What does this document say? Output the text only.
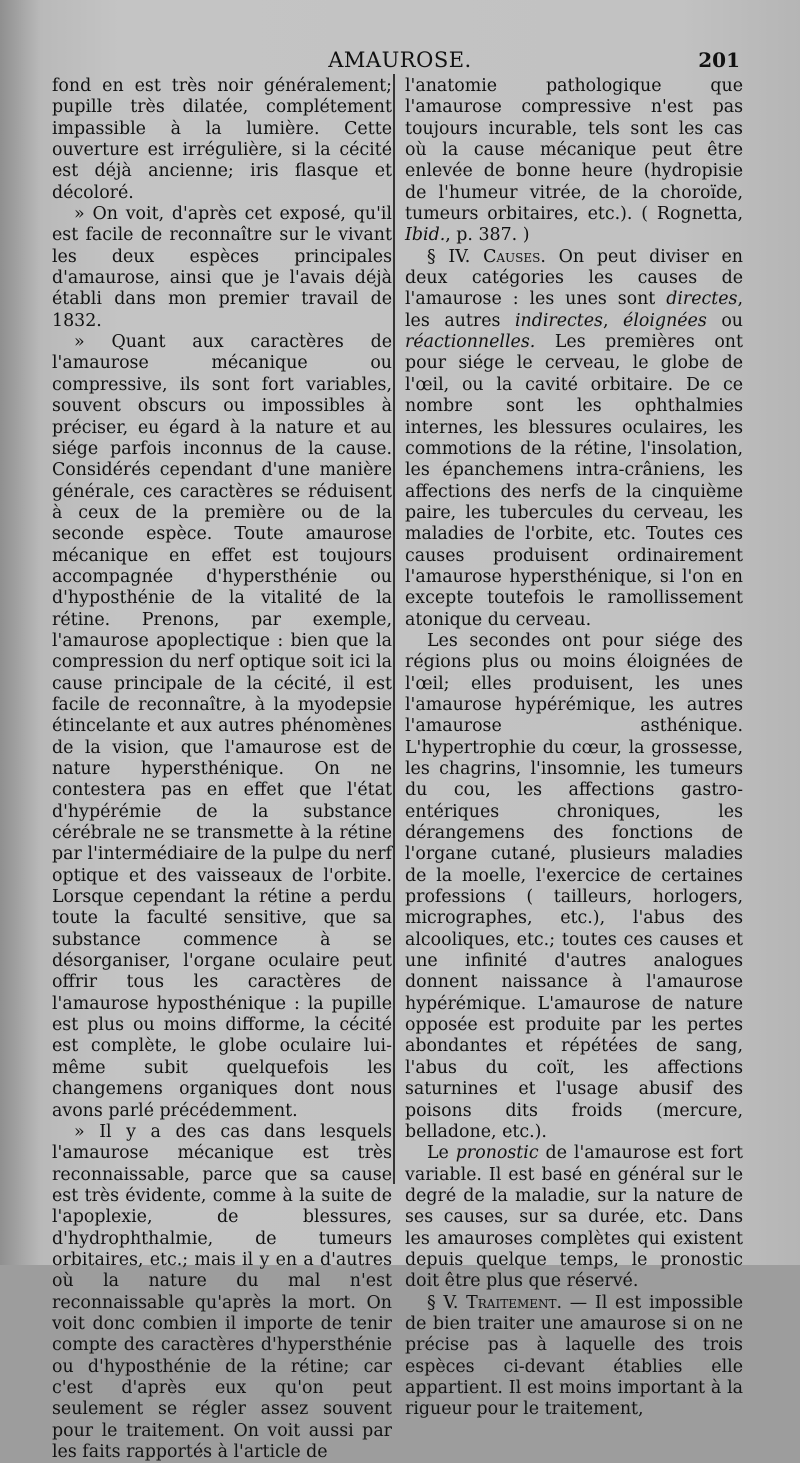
AMAUROSE.	201

fond en est très noir généralement; pupille très dilatée, complétement impassible à la lumière. Cette ouverture est irrégulière, si la cécité est déjà ancienne; iris flasque et décoloré.

» On voit, d'après cet exposé, qu'il est facile de reconnaître sur le vivant les deux espèces principales d'amaurose, ainsi que je l'avais déjà établi dans mon premier travail de 1832.

» Quant aux caractères de l'amaurose mécanique ou compressive, ils sont fort variables, souvent obscurs ou impossibles à préciser, eu égard à la nature et au siége parfois inconnus de la cause. Considérés cependant d'une manière générale, ces caractères se réduisent à ceux de la première ou de la seconde espèce. Toute amaurose mécanique en effet est toujours accompagnée d'hypersthénie ou d'hyposthénie de la vitalité de la rétine. Prenons, par exemple, l'amaurose apoplectique : bien que la compression du nerf optique soit ici la cause principale de la cécité, il est facile de reconnaître, à la myodepsie étincelante et aux autres phénomènes de la vision, que l'amaurose est de nature hypersthénique. On ne contestera pas en effet que l'état d'hypérémie de la substance cérébrale ne se transmette à la rétine par l'intermédiaire de la pulpe du nerf optique et des vaisseaux de l'orbite. Lorsque cependant la rétine a perdu toute la faculté sensitive, que sa substance commence à se désorganiser, l'organe oculaire peut offrir tous les caractères de l'amaurose hyposthénique : la pupille est plus ou moins difforme, la cécité est complète, le globe oculaire lui-même subit quelquefois les changemens organiques dont nous avons parlé précédemment.

» Il y a des cas dans lesquels l'amaurose mécanique est très reconnaissable, parce que sa cause est très évidente, comme à la suite de l'apoplexie, de blessures, d'hydrophthalmie, de tumeurs orbitaires, etc.; mais il y en a d'autres où la nature du mal n'est reconnaissable qu'après la mort. On voit donc combien il importe de tenir compte des caractères d'hypersthénie ou d'hyposthénie de la rétine; car c'est d'après eux qu'on peut seulement se régler assez souvent pour le traitement. On voit aussi par les faits rapportés à l'article de

l'anatomie pathologique que l'amaurose compressive n'est pas toujours incurable, tels sont les cas où la cause mécanique peut être enlevée de bonne heure (hydropisie de l'humeur vitrée, de la choroïde, tumeurs orbitaires, etc.). ( Rognetta, Ibid., p. 387. )

§ IV. Causes. On peut diviser en deux catégories les causes de l'amaurose : les unes sont directes, les autres indirectes, éloignées ou réactionnelles. Les premières ont pour siége le cerveau, le globe de l'œil, ou la cavité orbitaire. De ce nombre sont les ophthalmies internes, les blessures oculaires, les commotions de la rétine, l'insolation, les épanchemens intra-crâniens, les affections des nerfs de la cinquième paire, les tubercules du cerveau, les maladies de l'orbite, etc. Toutes ces causes produisent ordinairement l'amaurose hypersthénique, si l'on en excepte toutefois le ramollissement atonique du cerveau.

Les secondes ont pour siége des régions plus ou moins éloignées de l'œil; elles produisent, les unes l'amaurose hypérémique, les autres l'amaurose asthénique. L'hypertrophie du cœur, la grossesse, les chagrins, l'insomnie, les tumeurs du cou, les affections gastro-entériques chroniques, les dérangemens des fonctions de l'organe cutané, plusieurs maladies de la moelle, l'exercice de certaines professions ( tailleurs, horlogers, micrographes, etc.), l'abus des alcooliques, etc.; toutes ces causes et une infinité d'autres analogues donnent naissance à l'amaurose hypérémique. L'amaurose de nature opposée est produite par les pertes abondantes et répétées de sang, l'abus du coït, les affections saturnines et l'usage abusif des poisons dits froids (mercure, belladone, etc.).

Le pronostic de l'amaurose est fort variable. Il est basé en général sur le degré de la maladie, sur la nature de ses causes, sur sa durée, etc. Dans les amauroses complètes qui existent depuis quelque temps, le pronostic doit être plus que réservé.

§ V. Traitement. — Il est impossible de bien traiter une amaurose si on ne précise pas à laquelle des trois espèces ci-devant établies elle appartient. Il est moins important à la rigueur pour le traitement,
